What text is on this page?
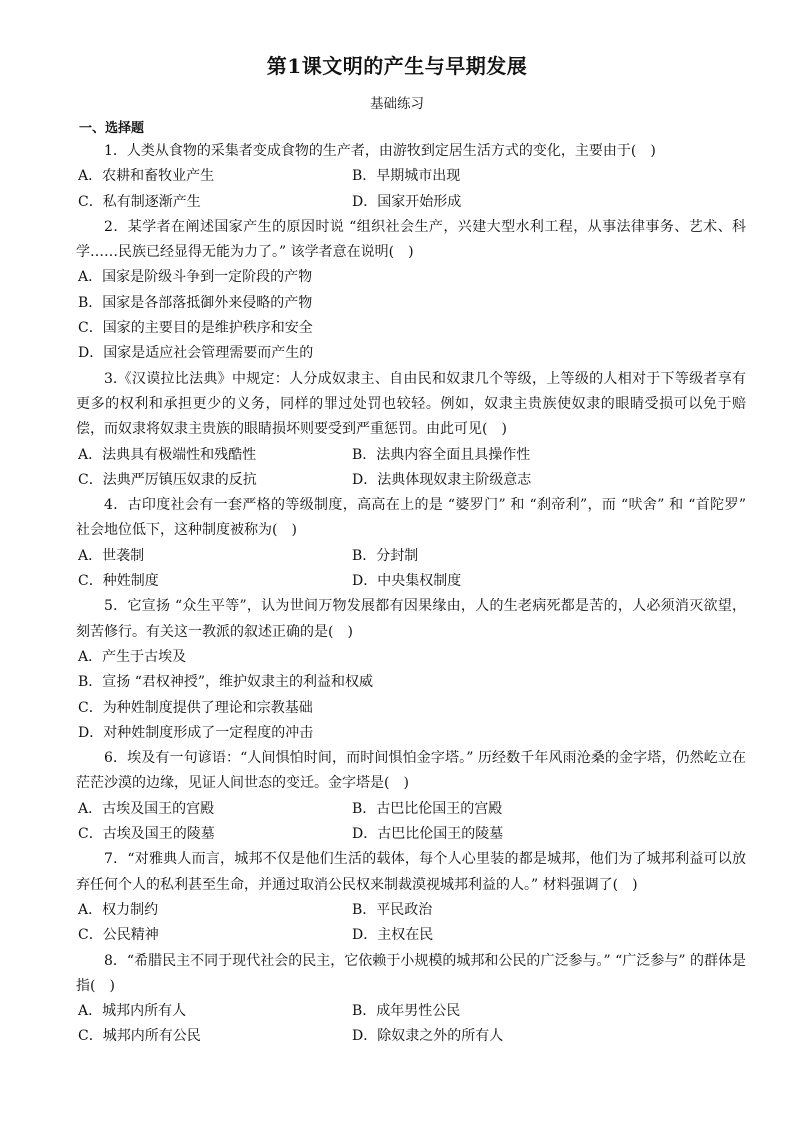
第1课文明的产生与早期发展
基础练习
一、选择题
1．人类从食物的采集者变成食物的生产者，由游牧到定居生活方式的变化，主要由于(　)
A．农耕和畜牧业产生	B．早期城市出现
C．私有制逐渐产生	D．国家开始形成
2．某学者在阐述国家产生的原因时说 “组织社会生产，兴建大型水利工程，从事法律事务、艺术、科学……民族已经显得无能为力了。” 该学者意在说明(　)
A．国家是阶级斗争到一定阶段的产物
B．国家是各部落抵御外来侵略的产物
C．国家的主要目的是维护秩序和安全
D．国家是适应社会管理需要而产生的
3.《汉谟拉比法典》中规定：人分成奴隶主、自由民和奴隶几个等级，上等级的人相对于下等级者享有更多的权利和承担更少的义务，同样的罪过处罚也较轻。例如，奴隶主贵族使奴隶的眼睛受损可以免于赔偿，而奴隶将奴隶主贵族的眼睛损坏则要受到严重惩罚。由此可见(　)
A．法典具有极端性和残酷性	B．法典内容全面且具操作性
C．法典严厉镇压奴隶的反抗	D．法典体现奴隶主阶级意志
4．古印度社会有一套严格的等级制度，高高在上的是 “婆罗门” 和 “刹帝利”，而 “吠舍” 和 “首陀罗” 社会地位低下，这种制度被称为(　)
A．世袭制	B．分封制
C．种姓制度	D．中央集权制度
5．它宣扬 “众生平等”，认为世间万物发展都有因果缘由，人的生老病死都是苦的，人必须消灭欲望，刻苦修行。有关这一教派的叙述正确的是(　)
A．产生于古埃及
B．宣扬 “君权神授”，维护奴隶主的利益和权威
C．为种姓制度提供了理论和宗教基础
D．对种姓制度形成了一定程度的冲击
6．埃及有一句谚语：“人间惧怕时间，而时间惧怕金字塔。” 历经数千年风雨沧桑的金字塔，仍然屹立在茫茫沙漠的边缘，见证人间世态的变迁。金字塔是(　)
A．古埃及国王的宫殿	B．古巴比伦国王的宫殿
C．古埃及国王的陵墓	D．古巴比伦国王的陵墓
7．“对雅典人而言，城邦不仅是他们生活的载体，每个人心里装的都是城邦，他们为了城邦利益可以放弃任何个人的私利甚至生命，并通过取消公民权来制裁漠视城邦利益的人。” 材料强调了(　)
A．权力制约	B．平民政治
C．公民精神	D．主权在民
8．“希腊民主不同于现代社会的民主，它依赖于小规模的城邦和公民的广泛参与。” “广泛参与” 的群体是指(　)
A．城邦内所有人	B．成年男性公民
C．城邦内所有公民	D．除奴隶之外的所有人
